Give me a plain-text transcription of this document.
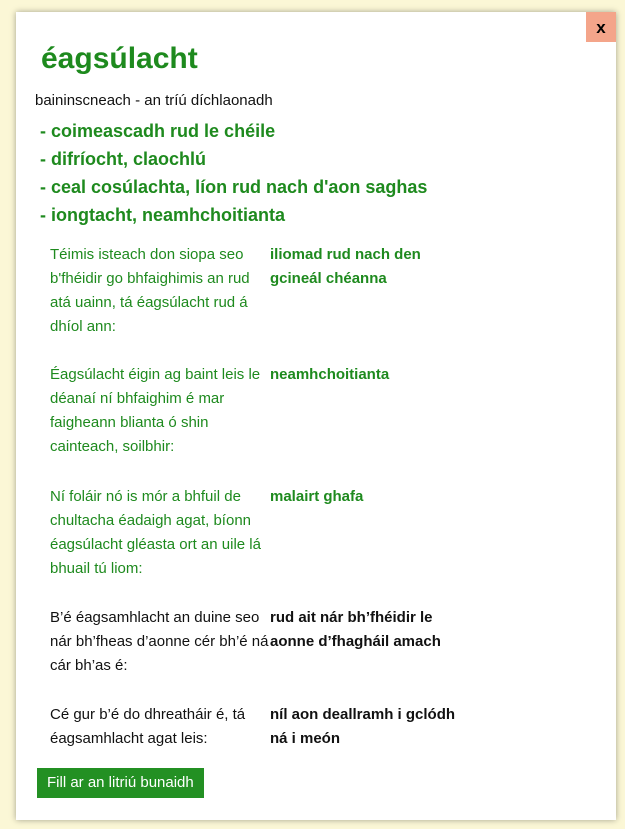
x
éagsúlacht
baininscneach - an tríú díchlaonadh
- coimeascadh rud le chéile
- difríocht, claochlú
- ceal cosúlachta, líon rud nach d'aon saghas
- iongtacht, neamhchoitianta
Téimis isteach don siopa seo b'fhéidir go bhfaighimis an rud atá uainn, tá éagsúlacht rud á dhíol ann:
iliomad rud nach den gcineál chéanna
Éagsúlacht éigin ag baint leis le déanaí ní bhfaighim é mar faigheann blianta ó shin cainteach, soilbhir:
neamhchoitianta
Ní foláir nó is mór a bhfuil de chultacha éadaigh agat, bíonn éagsúlacht gléasta ort an uile lá bhuail tú liom:
malairt ghafa
B’é éagsamhlacht an duine seo nár bh’fheas d’aonne cér bh’é ná cár bh’as é:
rud ait nár bh’fhéidir le aonne d’fhagháil amach
Cé gur b’é do dhreatháir é, tá éagsamhlacht agat leis:
níl aon deallramh i gclódh ná i meón
Fill ar an litriú bunaidh
